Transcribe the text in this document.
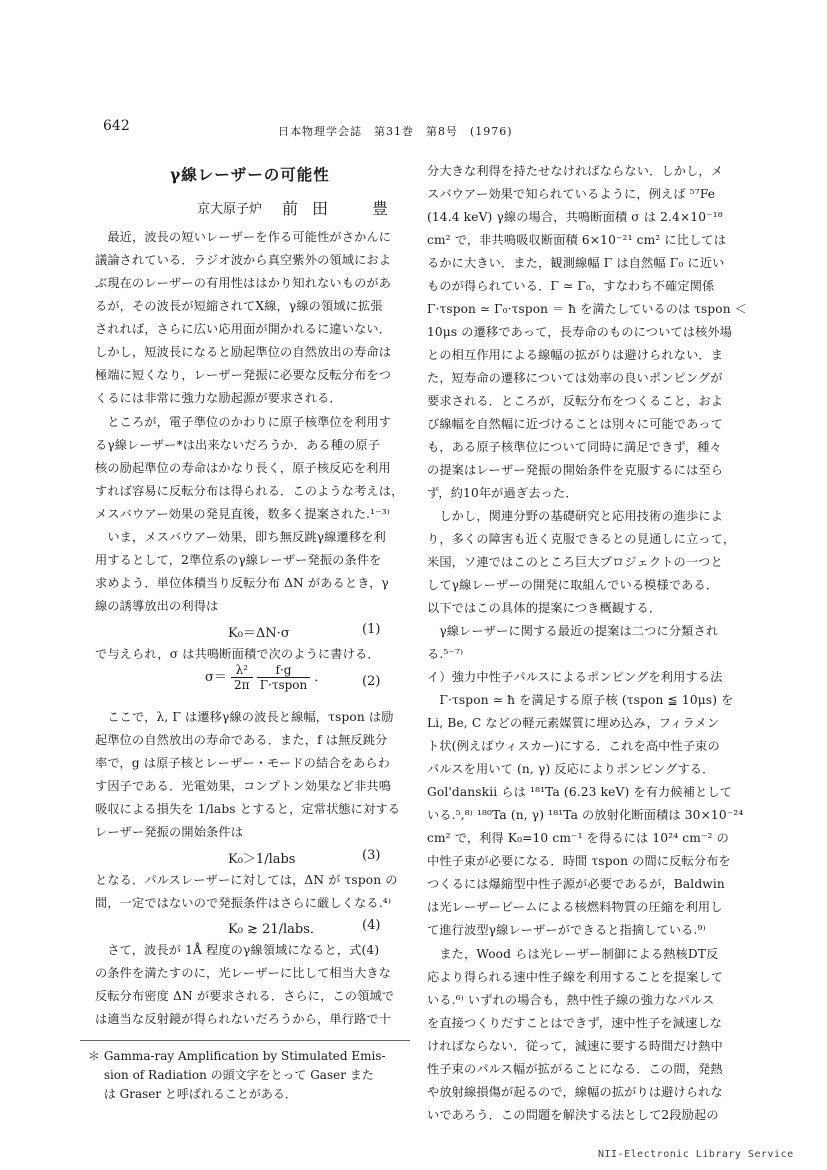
642	日本物理学会誌　第31巻　第8号　(1976)
γ線レーザーの可能性
京大原子炉 前田　豊
　最近，波長の短いレーザーを作る可能性がさかんに
議論されている．ラジオ波から真空紫外の領域におよ
ぶ現在のレーザーの有用性ははかり知れないものがあ
るが，その波長が短縮されてX線，γ線の領域に拡張
されれば，さらに広い応用面が開かれるに違いない．
しかし，短波長になると励起準位の自然放出の寿命は
極端に短くなり，レーザー発振に必要な反転分布をつ
くるには非常に強力な励起源が要求される．
　ところが，電子準位のかわりに原子核準位を利用す
るγ線レーザー*は出来ないだろうか．ある種の原子
核の励起準位の寿命はかなり長く，原子核反応を利用
すれば容易に反転分布は得られる．このような考えは，
メスバウアー効果の発見直後，数多く提案された.¹⁻³⁾
　いま，メスバウアー効果，即ち無反跳γ線遷移を利
用するとして，2準位系のγ線レーザー発振の条件を
求めよう．単位体積当り反転分布 ΔN があるとき，γ
線の誘導放出の利得は
K₀＝ΔN·σ	(1)
で与えられ，σ は共鳴断面積で次のように書ける．
$\sigma= \frac{\text{λ²}}{2\pi}$
$\frac{f\cdot g}{\text{Γ·τspon}}$ ．	(2)
　ここで，λ, Γ は遷移γ線の波長と線幅，τspon は励
起準位の自然放出の寿命である．また，f は無反跳分
率で，g は原子核とレーザー・モードの結合をあらわ
す因子である．光電効果，コンプトン効果など非共鳴
吸収による損失を 1/labs とすると，定常状態に対する
レーザー発振の開始条件は
K₀＞1/labs	(3)
となる．パルスレーザーに対しては，ΔN が τspon の
間，一定ではないので発振条件はさらに厳しくなる.⁴⁾
K₀ ≳ 21/labs．	(4)
　さて，波長が 1Å 程度のγ線領域になると，式(4)
の条件を満たすのに，光レーザーに比して相当大きな
反転分布密度 ΔN が要求される．さらに，この領域で
は適当な反射鏡が得られないだろうから，単行路で十
＊ Gamma-ray Amplification by Stimulated Emis-
　 sion of Radiation の頭文字をとって Gaser また
　 は Graser と呼ばれることがある．
分大きな利得を持たせなければならない．しかし，メ
スバウアー効果で知られているように，例えば ⁵⁷Fe
(14.4 keV) γ線の場合，共鳴断面積 σ は 2.4×10⁻¹⁸
cm² で，非共鳴吸収断面積 6×10⁻²¹ cm² に比しては
るかに大きい．また，観測線幅 Γ は自然幅 Γ₀ に近い
ものが得られている．Γ ≃ Γ₀，すなわち不確定関係
Γ·τspon ≃ Γ₀·τspon ＝ ħ を満たしているのは τspon ＜
10μs の遷移であって，長寿命のものについては核外場
との相互作用による線幅の拡がりは避けられない．ま
た，短寿命の遷移については効率の良いポンピングが
要求される．ところが，反転分布をつくること，およ
び線幅を自然幅に近づけることは別々に可能であって
も，ある原子核準位について同時に満足できず，種々
の提案はレーザー発振の開始条件を克服するには至ら
ず，約10年が過ぎ去った．
　しかし，関連分野の基礎研究と応用技術の進歩によ
り，多くの障害も近く克服できるとの見通しに立って，
米国，ソ連ではこのところ巨大プロジェクトの一つと
してγ線レーザーの開発に取組んでいる模様である．
以下ではこの具体的提案につき概観する．
　γ線レーザーに関する最近の提案は二つに分類され
る.⁵⁻⁷⁾
イ）強力中性子パルスによるポンピングを利用する法
　Γ·τspon ≃ ħ を満足する原子核 (τspon ≦ 10μs) を
Li, Be, C などの軽元素媒質に埋め込み，フィラメン
ト状(例えばウィスカー)にする．これを高中性子束の
パルスを用いて (n, γ) 反応によりポンピングする．
Gol'danskii らは ¹⁸¹Ta (6.23 keV) を有力候補として
いる.⁵,⁸⁾ ¹⁸⁰Ta (n, γ) ¹⁸¹Ta の放射化断面積は 30×10⁻²⁴
cm² で，利得 K₀=10 cm⁻¹ を得るには 10²⁴ cm⁻² の
中性子束が必要になる．時間 τspon の間に反転分布を
つくるには爆縮型中性子源が必要であるが，Baldwin
は光レーザービームによる核燃料物質の圧縮を利用し
て進行波型γ線レーザーができると指摘している.⁹⁾
　また，Wood らは光レーザー制御による熱核DT反
応より得られる速中性子線を利用することを提案して
いる.⁶⁾ いずれの場合も，熱中性子線の強力なパルス
を直接つくりだすことはできず，速中性子を減速しな
ければならない．従って，減速に要する時間だけ熱中
性子束のパルス幅が拡がることになる．この間，発熱
や放射線損傷が起るので，線幅の拡がりは避けられな
いであろう．この問題を解決する法として2段励起の
NII-Electronic Library Service
